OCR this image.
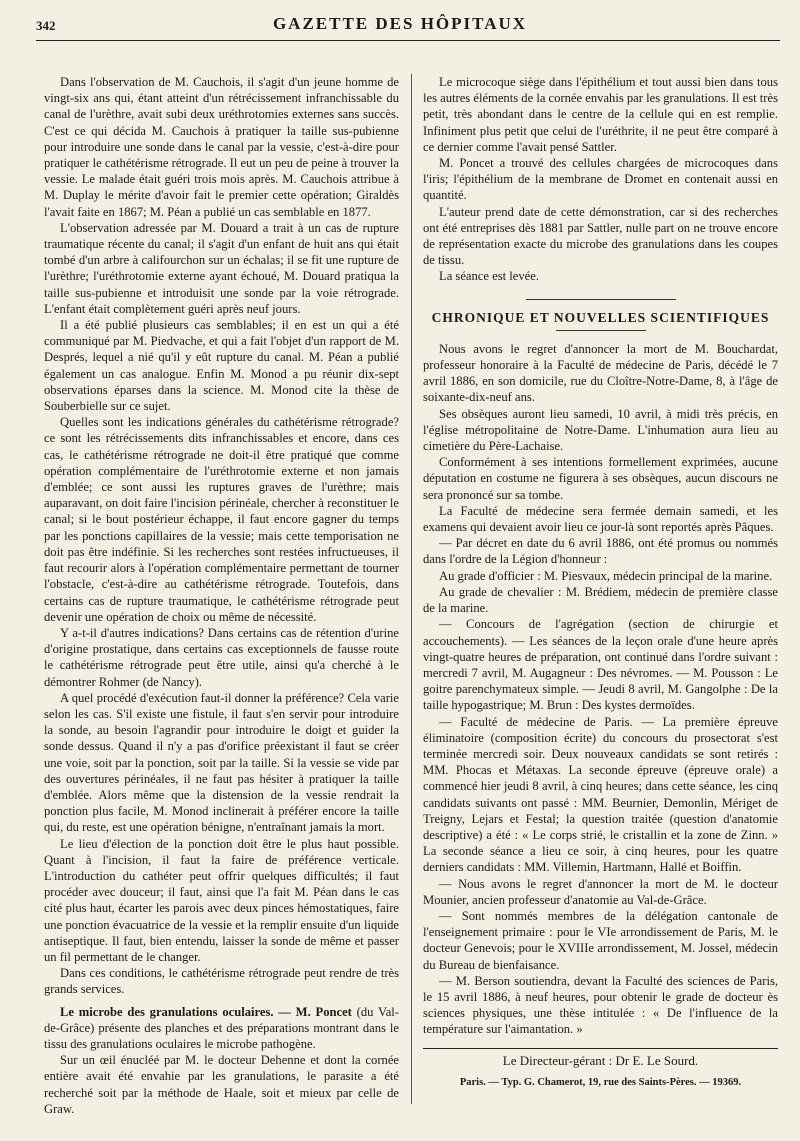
342	GAZETTE DES HÔPITAUX

Dans l'observation de M. Cauchois, il s'agit d'un jeune homme de vingt-six ans qui, étant atteint d'un rétrécissement infranchissable du canal de l'urèthre, avait subi deux uréthrotomies externes sans succès. C'est ce qui décida M. Cauchois à pratiquer la taille sus-pubienne pour introduire une sonde dans le canal par la vessie, c'est-à-dire pour pratiquer le cathétérisme rétrograde. Il eut un peu de peine à trouver la vessie. Le malade était guéri trois mois après. M. Cauchois attribue à M. Duplay le mérite d'avoir fait le premier cette opération; Giraldès l'avait faite en 1867; M. Péan a publié un cas semblable en 1877.

L'observation adressée par M. Douard a trait à un cas de rupture traumatique récente du canal; il s'agit d'un enfant de huit ans qui était tombé d'un arbre à califourchon sur un échalas; il se fit une rupture de l'urèthre; l'uréthrotomie externe ayant échoué, M. Douard pratiqua la taille sus-pubienne et introduisit une sonde par la voie rétrograde. L'enfant était complètement guéri après neuf jours.

Il a été publié plusieurs cas semblables; il en est un qui a été communiqué par M. Piedvache, et qui a fait l'objet d'un rapport de M. Després, lequel a nié qu'il y eût rupture du canal. M. Péan a publié également un cas analogue. Enfin M. Monod a pu réunir dix-sept observations éparses dans la science. M. Monod cite la thèse de Souberbielle sur ce sujet.

Quelles sont les indications générales du cathétérisme rétrograde? ce sont les rétrécissements dits infranchissables et encore, dans ces cas, le cathétérisme rétrograde ne doit-il être pratiqué que comme opération complémentaire de l'uréthrotomie externe et non jamais d'emblée; ce sont aussi les ruptures graves de l'urèthre; mais auparavant, on doit faire l'incision périnéale, chercher à reconstituer le canal; si le bout postérieur échappe, il faut encore gagner du temps par les ponctions capillaires de la vessie; mais cette temporisation ne doit pas être indéfinie. Si les recherches sont restées infructueuses, il faut recourir alors à l'opération complémentaire permettant de tourner l'obstacle, c'est-à-dire au cathétérisme rétrograde. Toutefois, dans certains cas de rupture traumatique, le cathétérisme rétrograde peut devenir une opération de choix ou même de nécessité.

Y a-t-il d'autres indications? Dans certains cas de rétention d'urine d'origine prostatique, dans certains cas exceptionnels de fausse route le cathétérisme rétrograde peut être utile, ainsi qu'a cherché à le démontrer Rohmer (de Nancy).

A quel procédé d'exécution faut-il donner la préférence? Cela varie selon les cas. S'il existe une fistule, il faut s'en servir pour introduire la sonde, au besoin l'agrandir pour introduire le doigt et guider la sonde dessus. Quand il n'y a pas d'orifice préexistant il faut se créer une voie, soit par la ponction, soit par la taille. Si la vessie se vide par des ouvertures périnéales, il ne faut pas hésiter à pratiquer la taille d'emblée. Alors même que la distension de la vessie rendrait la ponction plus facile, M. Monod inclinerait à préférer encore la taille qui, du reste, est une opération bénigne, n'entraînant jamais la mort.

Le lieu d'élection de la ponction doit être le plus haut possible. Quant à l'incision, il faut la faire de préférence verticale. L'introduction du cathéter peut offrir quelques difficultés; il faut procéder avec douceur; il faut, ainsi que l'a fait M. Péan dans le cas cité plus haut, écarter les parois avec deux pinces hémostatiques, faire une ponction évacuatrice de la vessie et la remplir ensuite d'un liquide antiseptique. Il faut, bien entendu, laisser la sonde de même et passer un fil permettant de le changer.

Dans ces conditions, le cathétérisme rétrograde peut rendre de très grands services.

Le microbe des granulations oculaires. — M. Poncet (du Val-de-Grâce) présente des planches et des préparations montrant dans le tissu des granulations oculaires le microbe pathogène.

Sur un œil énucléé par M. le docteur Dehenne et dont la cornée entière avait été envahie par les granulations, le parasite a été recherché soit par la méthode de Haale, soit et mieux par celle de Graw.

Le microcoque siège dans l'épithélium et tout aussi bien dans tous les autres éléments de la cornée envahis par les granulations. Il est très petit, très abondant dans le centre de la cellule qui en est remplie. Infiniment plus petit que celui de l'uréthrite, il ne peut être comparé à ce dernier comme l'avait pensé Sattler.

M. Poncet a trouvé des cellules chargées de microcoques dans l'iris; l'épithélium de la membrane de Dromet en contenait aussi en quantité.

L'auteur prend date de cette démonstration, car si des recherches ont été entreprises dès 1881 par Sattler, nulle part on ne trouve encore de représentation exacte du microbe des granulations dans les coupes de tissu.

La séance est levée.

CHRONIQUE ET NOUVELLES SCIENTIFIQUES

Nous avons le regret d'annoncer la mort de M. Bouchardat, professeur honoraire à la Faculté de médecine de Paris, décédé le 7 avril 1886, en son domicile, rue du Cloître-Notre-Dame, 8, à l'âge de soixante-dix-neuf ans.

Ses obsèques auront lieu samedi, 10 avril, à midi très précis, en l'église métropolitaine de Notre-Dame. L'inhumation aura lieu au cimetière du Père-Lachaise.

Conformément à ses intentions formellement exprimées, aucune députation en costume ne figurera à ses obsèques, aucun discours ne sera prononcé sur sa tombe.

La Faculté de médecine sera fermée demain samedi, et les examens qui devaient avoir lieu ce jour-là sont reportés après Pâques.

— Par décret en date du 6 avril 1886, ont été promus ou nommés dans l'ordre de la Légion d'honneur :

Au grade d'officier : M. Piesvaux, médecin principal de la marine.

Au grade de chevalier : M. Brédiem, médecin de première classe de la marine.

— Concours de l'agrégation (section de chirurgie et accouchements). — Les séances de la leçon orale d'une heure après vingt-quatre heures de préparation, ont continué dans l'ordre suivant : mercredi 7 avril, M. Augagneur : Des névromes. — M. Pousson : Le goitre parenchymateux simple. — Jeudi 8 avril, M. Gangolphe : De la taille hypogastrique; M. Brun : Des kystes dermoïdes.

— Faculté de médecine de Paris. — La première épreuve éliminatoire (composition écrite) du concours du prosectorat s'est terminée mercredi soir. Deux nouveaux candidats se sont retirés : MM. Phocas et Métaxas. La seconde épreuve (épreuve orale) a commencé hier jeudi 8 avril, à cinq heures; dans cette séance, les cinq candidats suivants ont passé : MM. Beurnier, Demonlin, Mériget de Treigny, Lejars et Festal; la question traitée (question d'anatomie descriptive) a été : « Le corps strié, le cristallin et la zone de Zinn. » La seconde séance a lieu ce soir, à cinq heures, pour les quatre derniers candidats : MM. Villemin, Hartmann, Hallé et Boiffin.

— Nous avons le regret d'annoncer la mort de M. le docteur Mounier, ancien professeur d'anatomie au Val-de-Grâce.

— Sont nommés membres de la délégation cantonale de l'enseignement primaire : pour le VIe arrondissement de Paris, M. le docteur Genevois; pour le XVIIIe arrondissement, M. Jossel, médecin du Bureau de bienfaisance.

— M. Berson soutiendra, devant la Faculté des sciences de Paris, le 15 avril 1886, à neuf heures, pour obtenir le grade de docteur ès sciences physiques, une thèse intitulée : « De l'influence de la température sur l'aimantation. »

Le Directeur-gérant : Dr E. Le Sourd.
Paris. — Typ. G. Chamerot, 19, rue des Saints-Pères. — 19369.
